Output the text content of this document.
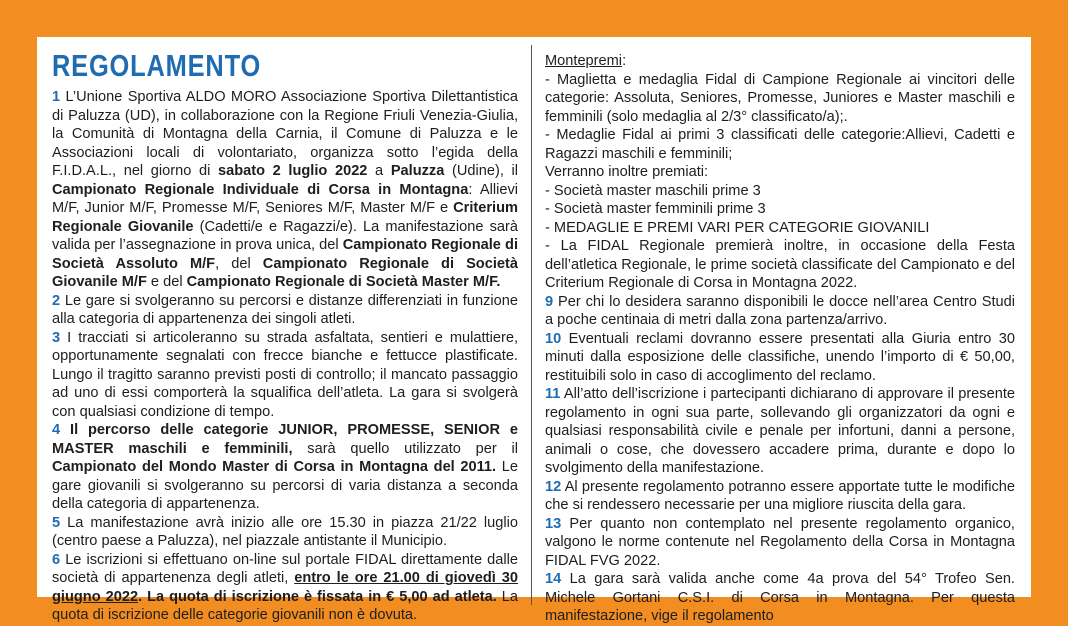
REGOLAMENTO

1 L’Unione Sportiva ALDO MORO Associazione Sportiva Dilettantistica di Paluzza (UD), in collaborazione con la Regione Friuli Venezia-Giulia, la Comunità di Montagna della Carnia, il Comune di Paluzza e le Associazioni locali di volontariato, organizza sotto l’egida della F.I.D.A.L., nel giorno di sabato 2 luglio 2022 a Paluzza (Udine), il Campionato Regionale Individuale di Corsa in Montagna: Allievi M/F, Junior M/F, Promesse M/F, Seniores M/F, Master M/F e Criterium Regionale Giovanile (Cadetti/e e Ragazzi/e). La manifestazione sarà valida per l’assegnazione in prova unica, del Campionato Regionale di Società Assoluto M/F, del Campionato Regionale di Società Giovanile M/F e del Campionato Regionale di Società Master M/F.

2 Le gare si svolgeranno su percorsi e distanze differenziati in funzione alla categoria di appartenenza dei singoli atleti.

3 I tracciati si articoleranno su strada asfaltata, sentieri e mulattiere, opportunamente segnalati con frecce bianche e fettucce plastificate. Lungo il tragitto saranno previsti posti di controllo; il mancato passaggio ad uno di essi comporterà la squalifica dell’atleta. La gara si svolgerà con qualsiasi condizione di tempo.

4 Il percorso delle categorie JUNIOR, PROMESSE, SENIOR e MASTER maschili e femminili, sarà quello utilizzato per il Campionato del Mondo Master di Corsa in Montagna del 2011. Le gare giovanili si svolgeranno su percorsi di varia distanza a seconda della categoria di appartenenza.

5 La manifestazione avrà inizio alle ore 15.30 in piazza 21/22 luglio (centro paese a Paluzza), nel piazzale antistante il Municipio.

6 Le iscrizioni si effettuano on-line sul portale FIDAL direttamente dalle società di appartenenza degli atleti, entro le ore 21.00 di giovedì 30 giugno 2022. La quota di iscrizione è fissata in € 5,00 ad atleta. La quota di iscrizione delle categorie giovanili non è dovuta.

Montepremi:

- Maglietta e medaglia Fidal di Campione Regionale ai vincitori delle categorie: Assoluta, Seniores, Promesse, Juniores e Master maschili e femminili (solo medaglia al 2/3° classificato/a);.

- Medaglie Fidal ai primi 3 classificati delle categorie:Allievi, Cadetti e Ragazzi maschili e femminili;

Verranno inoltre premiati:

- Società master maschili prime 3

- Società master femminili prime 3

- MEDAGLIE E PREMI VARI PER CATEGORIE GIOVANILI

- La FIDAL Regionale premierà inoltre, in occasione della Festa dell’atletica Regionale, le prime società classificate del Campionato e del Criterium Regionale di Corsa in Montagna 2022.

9 Per chi lo desidera saranno disponibili le docce nell’area Centro Studi a poche centinaia di metri dalla zona partenza/arrivo.

10 Eventuali reclami dovranno essere presentati alla Giuria entro 30 minuti dalla esposizione delle classifiche, unendo l’importo di € 50,00, restituibili solo in caso di accoglimento del reclamo.

11 All’atto dell’iscrizione i partecipanti dichiarano di approvare il presente regolamento in ogni sua parte, sollevando gli organizzatori da ogni e qualsiasi responsabilità civile e penale per infortuni, danni a persone, animali o cose, che dovessero accadere prima, durante e dopo lo svolgimento della manifestazione.

12 Al presente regolamento potranno essere apportate tutte le modifiche che si rendessero necessarie per una migliore riuscita della gara.

13 Per quanto non contemplato nel presente regolamento organico, valgono le norme contenute nel Regolamento della Corsa in Montagna FIDAL FVG 2022.

14 La gara sarà valida anche come 4a prova del 54° Trofeo Sen. Michele Gortani C.S.I. di Corsa in Montagna. Per questa manifestazione, vige il regolamento
